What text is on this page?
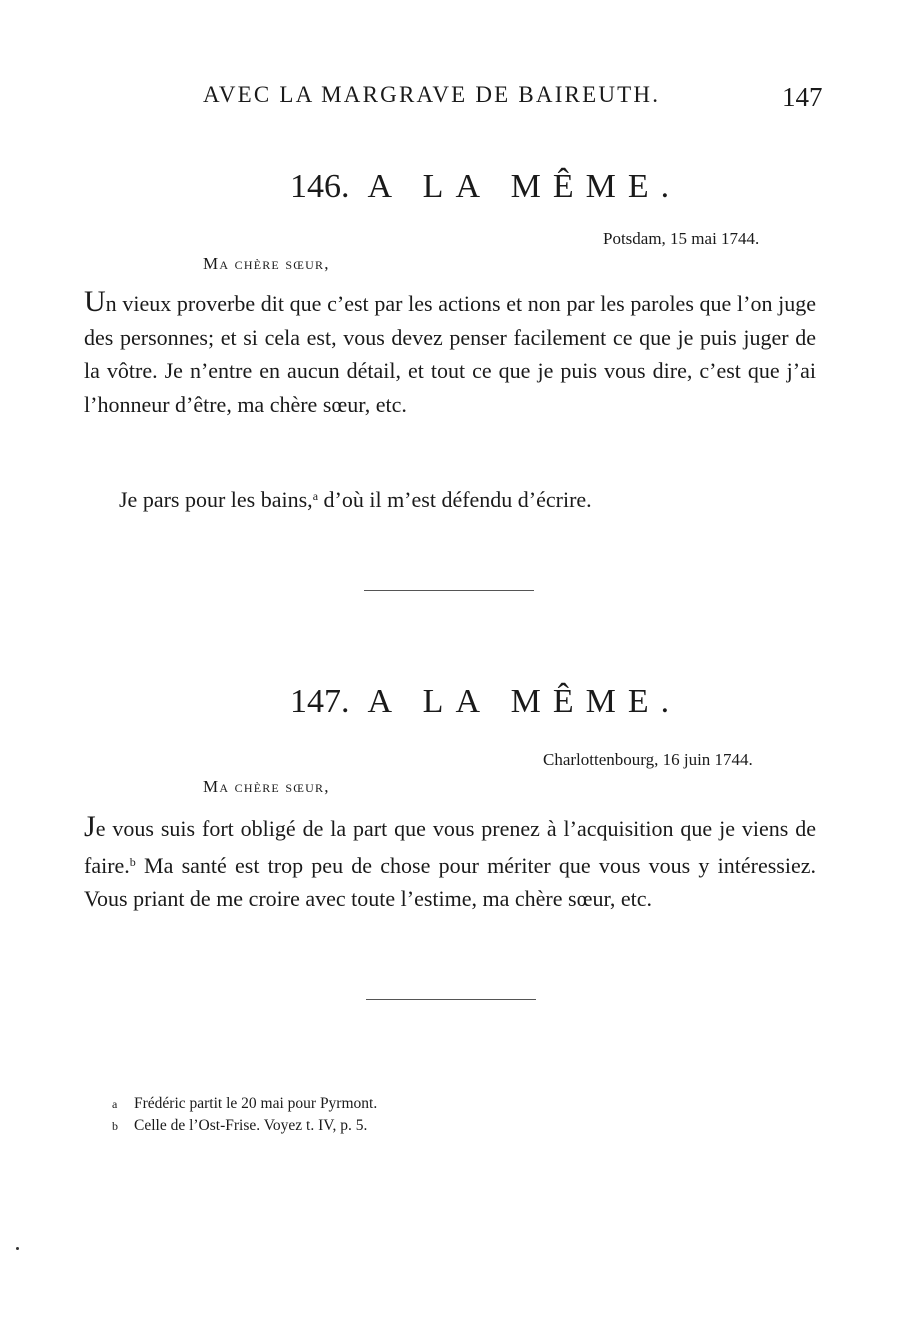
AVEC LA MARGRAVE DE BAIREUTH.	147
146. A LA MÊME.
Potsdam, 15 mai 1744.
Ma chère sœur,
Un vieux proverbe dit que c’est par les actions et non par les paroles que l’on juge des personnes; et si cela est, vous devez penser facilement ce que je puis juger de la vôtre. Je n’entre en aucun détail, et tout ce que je puis vous dire, c’est que j’ai l’honneur d’être, ma chère sœur, etc.
Je pars pour les bains,$^a$ d’où il m’est défendu d’écrire.
147. A LA MÊME.
Charlottenbourg, 16 juin 1744.
Ma chère sœur,
Je vous suis fort obligé de la part que vous prenez à l’acquisition que je viens de faire.$^b$ Ma santé est trop peu de chose pour mériter que vous vous y intéressiez. Vous priant de me croire avec toute l’estime, ma chère sœur, etc.
a Frédéric partit le 20 mai pour Pyrmont.
b Celle de l’Ost-Frise. Voyez t. IV, p. 5.
